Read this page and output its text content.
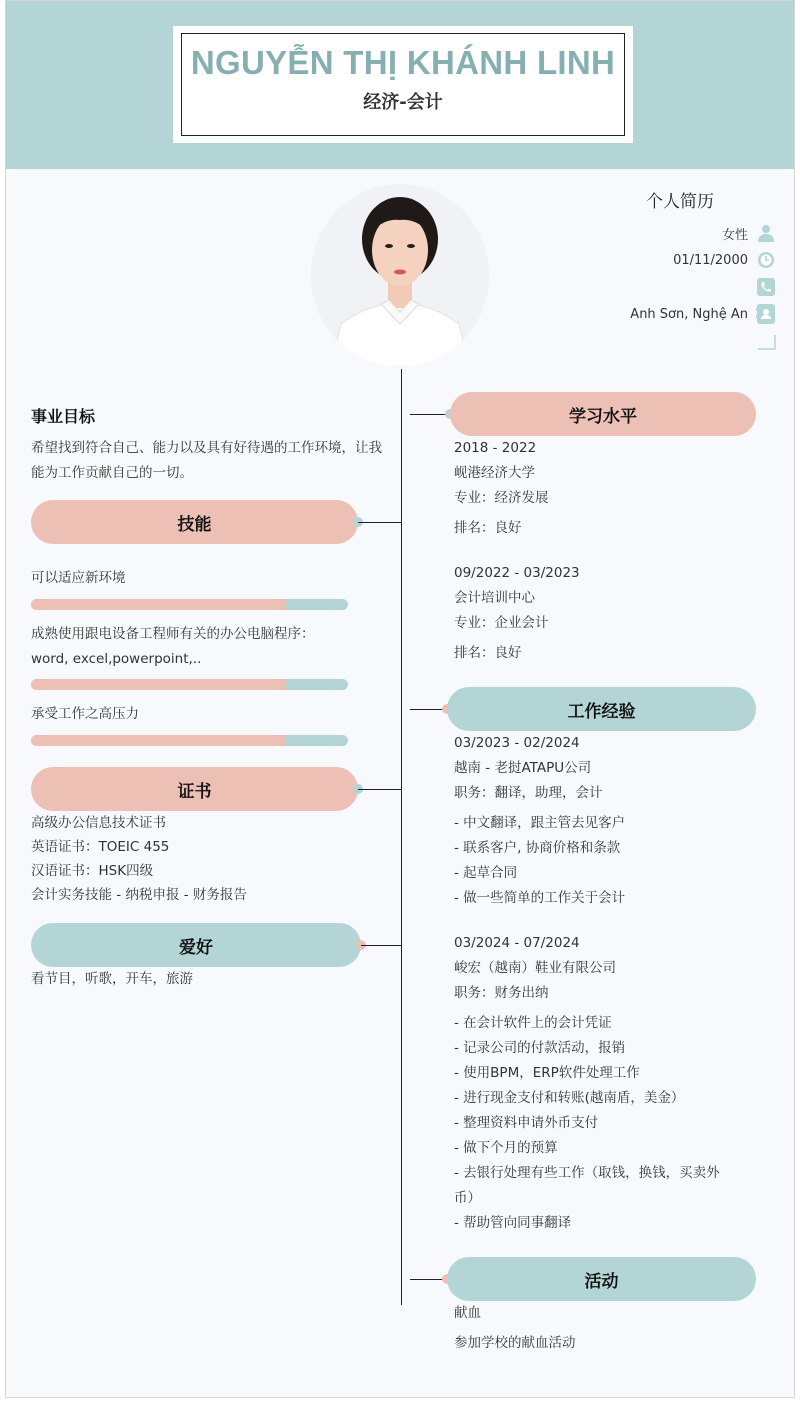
NGUYỄN THỊ KHÁNH LINH
经济-会计
个人简历
女性
01/11/2000
Anh Sơn, Nghệ An
事业目标
希望找到符合自己、能力以及具有好待遇的工作环境，让我
能为工作贡献自己的一切。
技能
可以适应新环境
成熟使用跟电设备工程师有关的办公电脑程序：
word, excel,powerpoint,..
承受工作之高压力
证书
高级办公信息技术证书
英语证书：TOEIC 455
汉语证书：HSK四级
会计实务技能 - 纳税申报 - 财务报告
爱好
看节目，听歌，开车，旅游
学习水平
2018 - 2022
岘港经济大学
专业：经济发展
排名：良好
09/2022 - 03/2023
会计培训中心
专业：企业会计
排名：良好
工作经验
03/2023 - 02/2024
越南 - 老挝ATAPU公司
职务：翻译，助理，会计
- 中文翻译，跟主管去见客户
- 联系客户, 协商价格和条款
- 起草合同
- 做一些简单的工作关于会计
03/2024 - 07/2024
峻宏（越南）鞋业有限公司
职务：财务出纳
- 在会计软件上的会计凭证
- 记录公司的付款活动，报销
- 使用BPM，ERP软件处理工作
- 进行现金支付和转账(越南盾，美金）
- 整理资料申请外币支付
- 做下个月的预算
- 去银行处理有些工作（取钱，换钱，买卖外
币）
- 帮助管向同事翻译
活动
献血
参加学校的献血活动
